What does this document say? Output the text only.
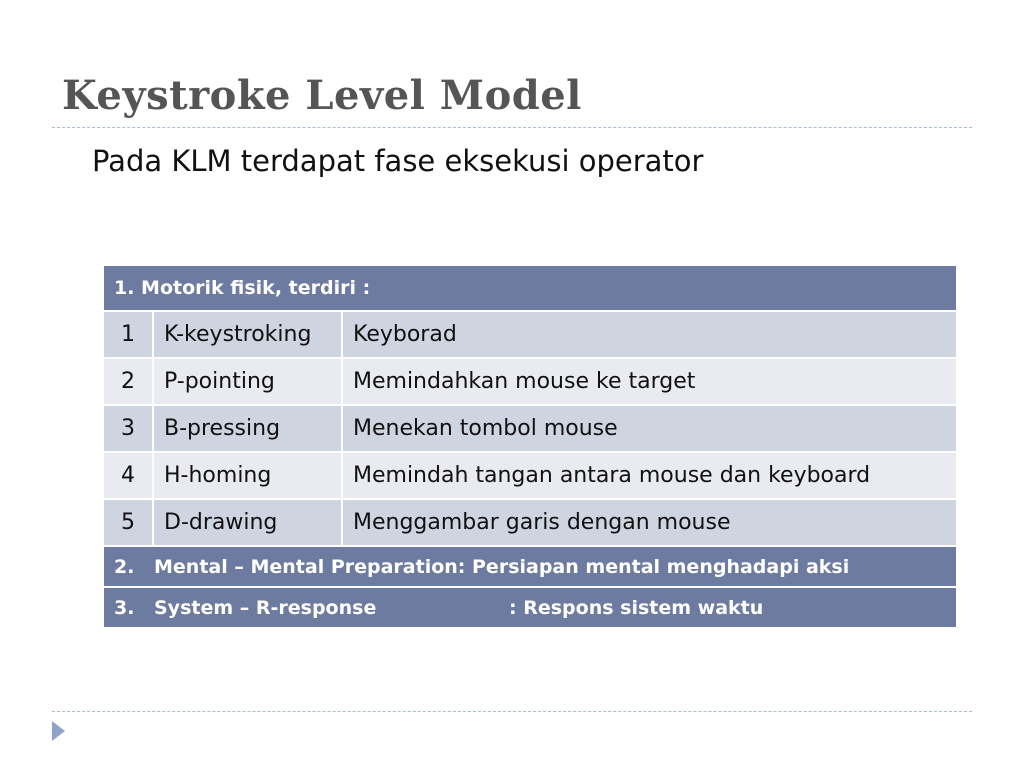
Keystroke Level Model
Pada KLM terdapat fase eksekusi operator
1. Motorik fisik, terdiri :		
1	K-keystroking	Keyborad
2	P-pointing	Memindahkan mouse ke target
3	B-pressing	Menekan tombol mouse
4	H-homing	Memindah tangan antara mouse dan keyboard
5	D-drawing	Menggambar garis dengan mouse
2. Mental – Mental Preparation: Persiapan mental menghadapi aksi		
3. System – R-response : Respons sistem waktu		
